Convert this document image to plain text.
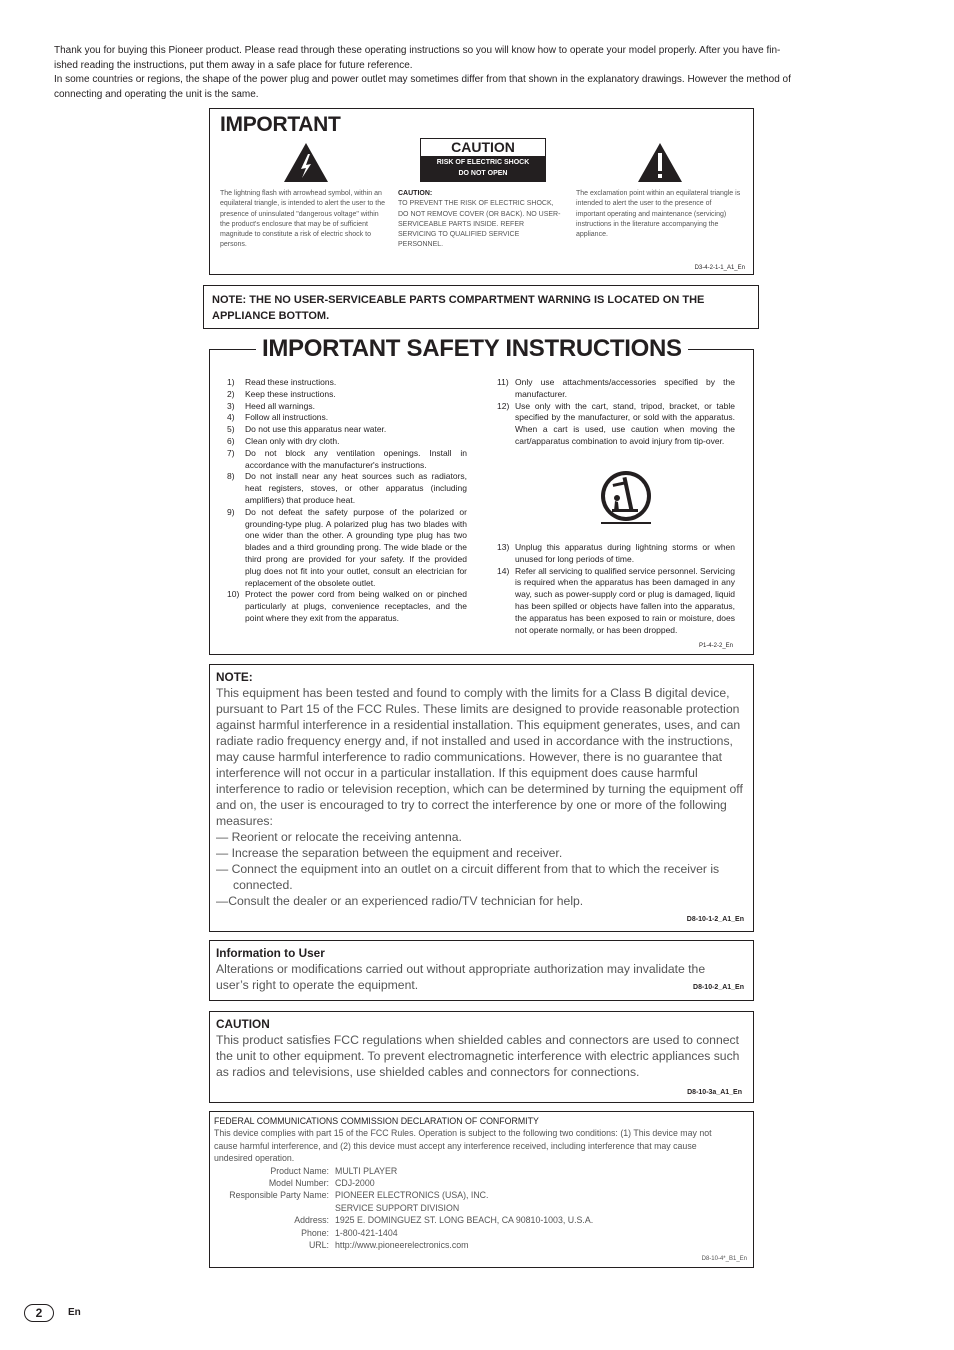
Thank you for buying this Pioneer product. Please read through these operating instructions so you will know how to operate your model properly. After you have fin-

ished reading the instructions, put them away in a safe place for future reference.

In some countries or regions, the shape of the power plug and power outlet may sometimes differ from that shown in the explanatory drawings. However the method of

connecting and operating the unit is the same.

IMPORTANT
CAUTION
RISK OF ELECTRIC SHOCK
DO NOT OPEN
The lightning flash with arrowhead symbol, within an equilateral triangle, is intended to alert the user to the presence of uninsulated "dangerous voltage" within the product's enclosure that may be of sufficient magnitude to constitute a risk of electric shock to persons.
CAUTION:
TO PREVENT THE RISK OF ELECTRIC SHOCK, DO NOT REMOVE COVER (OR BACK). NO USER-SERVICEABLE PARTS INSIDE. REFER SERVICING TO QUALIFIED SERVICE PERSONNEL.
The exclamation point within an equilateral triangle is intended to alert the user to the presence of important operating and maintenance (servicing) instructions in the literature accompanying the appliance.
D3-4-2-1-1_A1_En
NOTE: THE NO USER-SERVICEABLE PARTS COMPARTMENT WARNING IS LOCATED ON THE APPLIANCE BOTTOM.
IMPORTANT SAFETY INSTRUCTIONS
1)	Read these instructions.
2)	Keep these instructions.
3)	Heed all warnings.
4)	Follow all instructions.
5)	Do not use this apparatus near water.
6)	Clean only with dry cloth.
7)	Do not block any ventilation openings. Install in accordance with the manufacturer's instructions.
8)	Do not install near any heat sources such as radiators, heat registers, stoves, or other apparatus (including amplifiers) that produce heat.
9)	Do not defeat the safety purpose of the polarized or grounding-type plug. A polarized plug has two blades with one wider than the other. A grounding type plug has two blades and a third grounding prong. The wide blade or the third prong are provided for your safety. If the provided plug does not fit into your outlet, consult an electrician for replacement of the obsolete outlet.
10) Protect the power cord from being walked on or pinched particularly at plugs, convenience receptacles, and the point where they exit from the apparatus.
11) Only use attachments/accessories specified by the manufacturer.
12) Use only with the cart, stand, tripod, bracket, or table specified by the manufacturer, or sold with the apparatus. When a cart is used, use caution when moving the cart/apparatus combination to avoid injury from tip-over.
13) Unplug this apparatus during lightning storms or when unused for long periods of time.
14) Refer all servicing to qualified service personnel. Servicing is required when the apparatus has been damaged in any way, such as power-supply cord or plug is damaged, liquid has been spilled or objects have fallen into the apparatus, the apparatus has been exposed to rain or moisture, does not operate normally, or has been dropped.
P1-4-2-2_En
NOTE:
This equipment has been tested and found to comply with the limits for a Class B digital device, pursuant to Part 15 of the FCC Rules. These limits are designed to provide reasonable protection against harmful interference in a residential installation. This equipment generates, uses, and can radiate radio frequency energy and, if not installed and used in accordance with the instructions, may cause harmful interference to radio communications. However, there is no guarantee that interference will not occur in a particular installation. If this equipment does cause harmful interference to radio or television reception, which can be determined by turning the equipment off and on, the user is encouraged to try to correct the interference by one or more of the following measures:
— Reorient or relocate the receiving antenna.
— Increase the separation between the equipment and receiver.
— Connect the equipment into an outlet on a circuit different from that to which the receiver is connected.
—Consult the dealer or an experienced radio/TV technician for help.
D8-10-1-2_A1_En
Information to User
Alterations or modifications carried out without appropriate authorization may invalidate the user’s right to operate the equipment.	D8-10-2_A1_En
CAUTION
This product satisfies FCC regulations when shielded cables and connectors are used to connect the unit to other equipment. To prevent electromagnetic interference with electric appliances such as radios and televisions, use shielded cables and connectors for connections.
D8-10-3a_A1_En
FEDERAL COMMUNICATIONS COMMISSION DECLARATION OF CONFORMITY
This device complies with part 15 of the FCC Rules. Operation is subject to the following two conditions: (1) This device may not cause harmful interference, and (2) this device must accept any interference received, including interference that may cause undesired operation.
Product Name: MULTI PLAYER
Model Number: CDJ-2000
Responsible Party Name: PIONEER ELECTRONICS (USA), INC.
SERVICE SUPPORT DIVISION
Address: 1925 E. DOMINGUEZ ST. LONG BEACH, CA 90810-1003, U.S.A.
Phone: 1-800-421-1404
URL: http://www.pioneerelectronics.com
D8-10-4*_B1_En
2	En
